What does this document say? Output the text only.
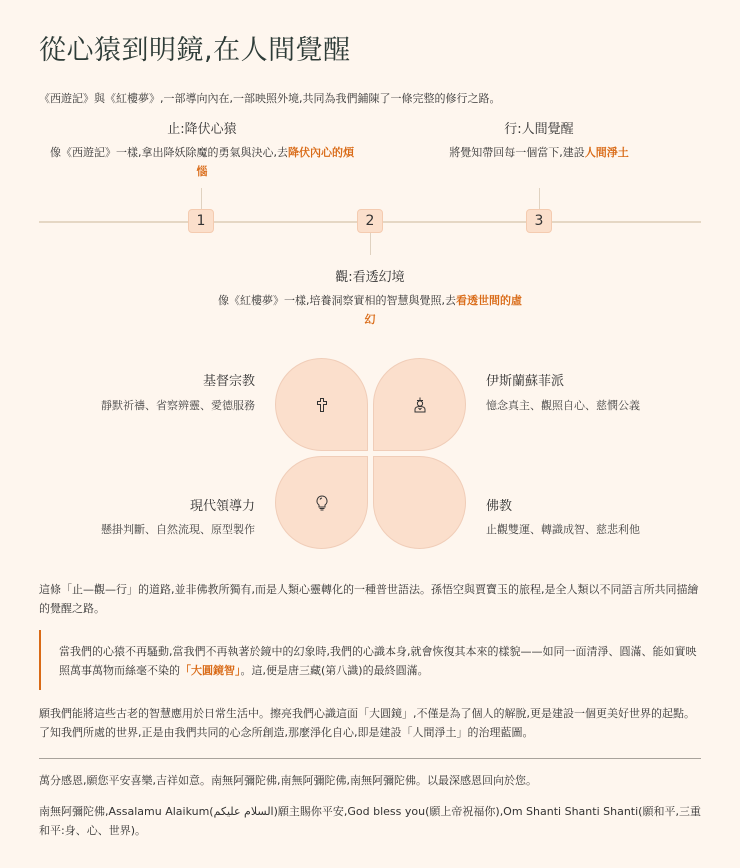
從心猿到明鏡,在人間覺醒

《西遊記》與《紅樓夢》,一部導向內在,一部映照外境,共同為我們鋪陳了一條完整的修行之路。

止:降伏心猿
像《西遊記》一樣,拿出降妖除魔的勇氣與決心,去降伏內心的煩惱
1	2
觀:看透幻境
像《紅樓夢》一樣,培養洞察實相的智慧與覺照,去看透世間的虛幻
行:人間覺醒
將覺知帶回每一個當下,建設人間淨土
3
基督宗教
靜默祈禱、省察辨靈、愛德服務
伊斯蘭蘇菲派
憶念真主、觀照自心、慈憫公義
現代領導力
懸掛判斷、自然流現、原型製作
佛教
止觀雙運、轉識成智、慈悲利他

這條「止—觀—行」的道路,並非佛教所獨有,而是人類心靈轉化的一種普世語法。孫悟空與賈寶玉的旅程,是全人類以不同語言所共同描繪的覺醒之路。

當我們的心猿不再騷動,當我們不再執著於鏡中的幻象時,我們的心識本身,就會恢復其本來的樣貌——如同一面清淨、圓滿、能如實映照萬事萬物而絲毫不染的「大圓鏡智」。這,便是唐三藏(第八識)的最終圓滿。

願我們能將這些古老的智慧應用於日常生活中。擦亮我們心識這面「大圓鏡」,不僅是為了個人的解脫,更是建設一個更美好世界的起點。了知我們所處的世界,正是由我們共同的心念所創造,那麼淨化自心,即是建設「人間淨土」的治理藍圖。

萬分感恩,願您平安喜樂,吉祥如意。南無阿彌陀佛,南無阿彌陀佛,南無阿彌陀佛。以最深感恩回向於您。

南無阿彌陀佛,Assalamu Alaikum(السلام عليكم)願主賜你平安,God bless you(願上帝祝福你),Om Shanti Shanti Shanti(願和平,三重和平:身、心、世界)。
